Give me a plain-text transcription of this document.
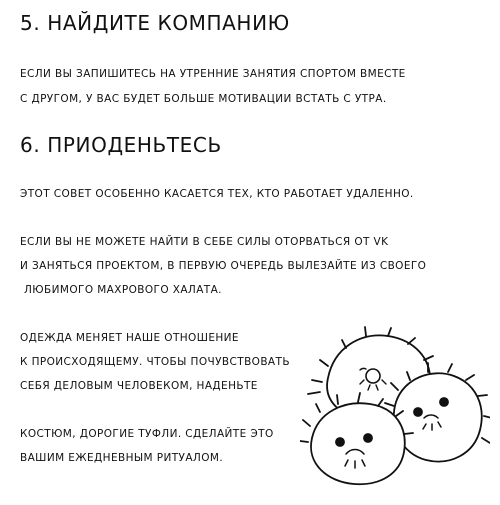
5. НАЙДИТЕ КОМПАНИЮ

ЕСЛИ ВЫ ЗАПИШИТЕСЬ НА УТРЕННИЕ ЗАНЯТИЯ СПОРТОМ ВМЕСТЕ

С ДРУГОМ, У ВАС БУДЕТ БОЛЬШЕ МОТИВАЦИИ ВСТАТЬ С УТРА.

6. ПРИОДЕНЬТЕСЬ

ЭТОТ СОВЕТ ОСОБЕННО КАСАЕТСЯ ТЕХ, КТО РАБОТАЕТ УДАЛЕННО.

ЕСЛИ ВЫ НЕ МОЖЕТЕ НАЙТИ В СЕБЕ СИЛЫ ОТОРВАТЬСЯ ОТ VK

И ЗАНЯТЬСЯ ПРОЕКТОМ, В ПЕРВУЮ ОЧЕРЕДЬ ВЫЛЕЗАЙТЕ ИЗ СВОЕГО

ЛЮБИМОГО МАХРОВОГО ХАЛАТА.

ОДЕЖДА МЕНЯЕТ НАШЕ ОТНОШЕНИЕ

К ПРОИСХОДЯЩЕМУ. ЧТОБЫ ПОЧУВСТВОВАТЬ

СЕБЯ ДЕЛОВЫМ ЧЕЛОВЕКОМ, НАДЕНЬТЕ

КОСТЮМ, ДОРОГИЕ ТУФЛИ. СДЕЛАЙТЕ ЭТО

ВАШИМ ЕЖЕДНЕВНЫМ РИТУАЛОМ.
